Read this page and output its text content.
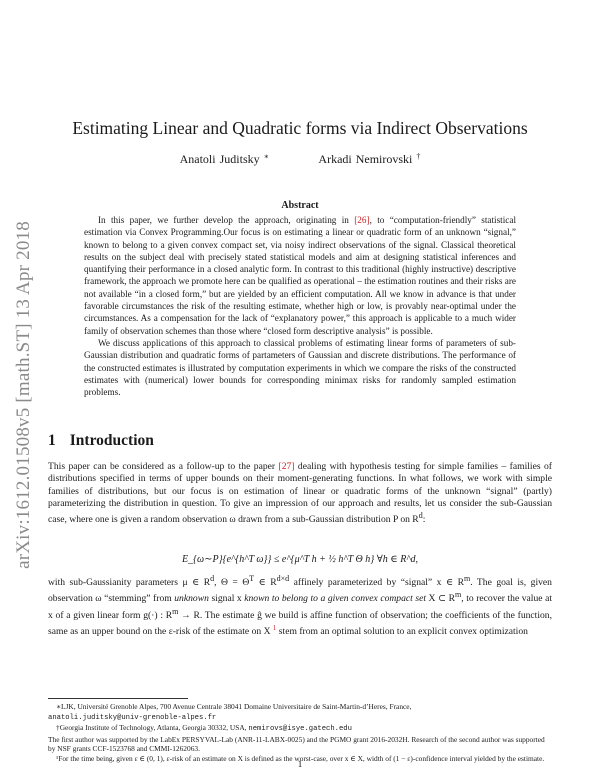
arXiv:1612.01508v5 [math.ST] 13 Apr 2018
Estimating Linear and Quadratic forms via Indirect Observations
Anatoli Juditsky ∗	Arkadi Nemirovski †
Abstract

In this paper, we further develop the approach, originating in [26], to “computation-friendly” statistical estimation via Convex Programming.Our focus is on estimating a linear or quadratic form of an unknown “signal,” known to belong to a given convex compact set, via noisy indirect observations of the signal. Classical theoretical results on the subject deal with precisely stated statistical models and aim at designing statistical inferences and quantifying their performance in a closed analytic form. In contrast to this traditional (highly instructive) descriptive framework, the approach we promote here can be qualified as operational – the estimation routines and their risks are not available “in a closed form,” but are yielded by an efficient computation. All we know in advance is that under favorable circumstances the risk of the resulting estimate, whether high or low, is provably near-optimal under the circumstances. As a compensation for the lack of “explanatory power,” this approach is applicable to a much wider family of observation schemes than those where “closed form descriptive analysis” is possible.

We discuss applications of this approach to classical problems of estimating linear forms of parameters of sub-Gaussian distribution and quadratic forms of partameters of Gaussian and discrete distributions. The performance of the constructed estimates is illustrated by computation experiments in which we compare the risks of the constructed estimates with (numerical) lower bounds for corresponding minimax risks for randomly sampled estimation problems.

1 Introduction

This paper can be considered as a follow-up to the paper [27] dealing with hypothesis testing for simple families – families of distributions specified in terms of upper bounds on their moment-generating functions. In what follows, we work with simple families of distributions, but our focus is on estimation of linear or quadratic forms of the unknown “signal” (partly) parameterizing the distribution in question. To give an impression of our approach and results, let us consider the sub-Gaussian case, where one is given a random observation ω drawn from a sub-Gaussian distribution P on $R^d$:

E_{ω∼P}{e^{h^T ω}} ≤ e^{μ^T h + ½ h^T Θ h} ∀h ∈ R^d,

with sub-Gaussianity parameters μ ∈ $R^d$, $\Theta = \Theta^T$ ∈ $R^{d\times d}$ affinely parameterized by “signal” x ∈ $R^m$. The goal is, given observation ω “stemming” from unknown signal x known to belong to a given convex compact set X ⊂ $R^m$, to recover the value at x of a given linear form g(·) : $R^m \to R$. The estimate ĝ we build is affine function of observation; the coefficients of the function, same as an upper bound on the ε-risk of the estimate on X $^1$ stem from an optimal solution to an explicit convex optimization

∗LJK, Université Grenoble Alpes, 700 Avenue Centrale 38041 Domaine Universitaire de Saint-Martin-d’Heres, France,
anatoli.juditsky@univ-grenoble-alpes.fr

†Georgia Institute of Technology, Atlanta, Georgia 30332, USA, nemirovs@isye.gatech.edu

The first author was supported by the LabEx PERSYVAL-Lab (ANR-11-LABX-0025) and the PGMO grant 2016-2032H. Research of the second author was supported by NSF grants CCF-1523768 and CMMI-1262063.

¹For the time being, given ε ∈ (0, 1), ε-risk of an estimate on X is defined as the worst-case, over x ∈ X, width of (1 − ε)-confidence interval yielded by the estimate.

1
